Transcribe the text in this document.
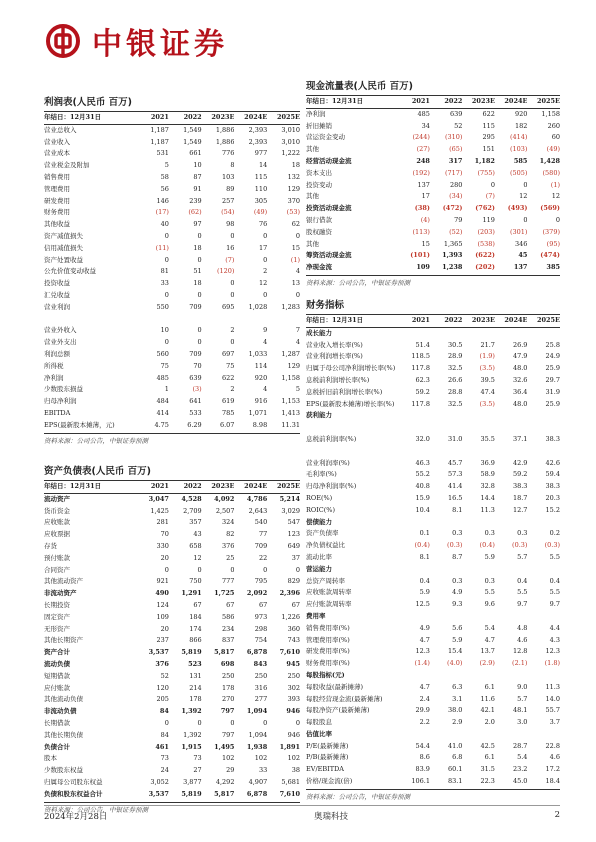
中银证券
利润表(人民币 百万)
年结日：12月31日	2021	2022	2023E	2024E	2025E
营业总收入	1,187	1,549	1,886	2,393	3,010
营业收入	1,187	1,549	1,886	2,393	3,010
营业成本	531	661	776	977	1,222
营业税金及附加	5	10	8	14	18
销售费用	58	87	103	115	132
管理费用	56	91	89	110	129
研发费用	146	239	257	305	370
财务费用	(17)	(62)	(54)	(49)	(53)
其他收益	40	97	98	76	62
资产减值损失	0	0	0	0	0
信用减值损失	(11)	18	16	17	15
资产处置收益	0	0	(7)	0	(1)
公允价值变动收益	81	51	(120)	2	4
投资收益	33	18	0	12	13
汇兑收益	0	0	0	0	0
营业利润	550	709	695	1,028	1,283
营业外收入	10	0	2	9	7
营业外支出	0	0	0	4	4
利润总额	560	709	697	1,033	1,287
所得税	75	70	75	114	129
净利润	485	639	622	920	1,158
少数股东损益	1	(3)	2	4	5
归母净利润	484	641	619	916	1,153
EBITDA	414	533	785	1,071	1,413
EPS(最新股本摊薄，元)	4.75	6.29	6.07	8.98	11.31
资料来源：公司公告，中银证券预测
资产负债表(人民币 百万)
年结日：12月31日	2021	2022	2023E	2024E	2025E
流动资产	3,047	4,528	4,092	4,786	5,214
货币资金	1,425	2,709	2,507	2,643	3,029
应收账款	281	357	324	540	547
应收票据	70	43	82	77	123
存货	330	658	376	709	649
预付账款	20	12	25	22	37
合同资产	0	0	0	0	0
其他流动资产	921	750	777	795	829
非流动资产	490	1,291	1,725	2,092	2,396
长期投资	124	67	67	67	67
固定资产	109	184	586	973	1,226
无形资产	20	174	234	298	360
其他长期资产	237	866	837	754	743
资产合计	3,537	5,819	5,817	6,878	7,610
流动负债	376	523	698	843	945
短期借款	52	131	250	250	250
应付账款	120	214	178	316	302
其他流动负债	205	178	270	277	393
非流动负债	84	1,392	797	1,094	946
长期借款	0	0	0	0	0
其他长期负债	84	1,392	797	1,094	946
负债合计	461	1,915	1,495	1,938	1,891
股本	73	73	102	102	102
少数股东权益	24	27	29	33	38
归属母公司股东权益	3,052	3,877	4,292	4,907	5,681
负债和股东权益合计	3,537	5,819	5,817	6,878	7,610
资料来源：公司公告，中银证券预测
现金流量表(人民币 百万)
年结日：12月31日	2021	2022	2023E	2024E	2025E
净利润	485	639	622	920	1,158
折旧摊销	34	52	115	182	260
营运资金变动	(244)	(310)	295	(414)	60
其他	(27)	(65)	151	(103)	(49)
经营活动现金流	248	317	1,182	585	1,428
资本支出	(192)	(717)	(755)	(505)	(580)
投资变动	137	280	0	0	(1)
其他	17	(34)	(7)	12	12
投资活动现金流	(38)	(472)	(762)	(493)	(569)
银行借款	(4)	79	119	0	0
股权融资	(113)	(52)	(203)	(301)	(379)
其他	15	1,365	(538)	346	(95)
筹资活动现金流	(101)	1,393	(622)	45	(474)
净现金流	109	1,238	(202)	137	385
资料来源：公司公告，中银证券预测
财务指标
年结日：12月31日	2021	2022	2023E	2024E	2025E
成长能力					
营业收入增长率(%)	51.4	30.5	21.7	26.9	25.8
营业利润增长率(%)	118.5	28.9	(1.9)	47.9	24.9
归属于母公司净利润增长率(%)	117.8	32.5	(3.5)	48.0	25.9
息税前利润增长率(%)	62.3	26.6	39.5	32.6	29.7
息税折旧前利润增长率(%)	59.2	28.8	47.4	36.4	31.9
EPS(最新股本摊薄)增长率(%)	117.8	32.5	(3.5)	48.0	25.9
获利能力					
息税前利润率(%)	32.0	31.0	35.5	37.1	38.3
营业利润率(%)	46.3	45.7	36.9	42.9	42.6
毛利率(%)	55.2	57.3	58.9	59.2	59.4
归母净利润率(%)	40.8	41.4	32.8	38.3	38.3
ROE(%)	15.9	16.5	14.4	18.7	20.3
ROIC(%)	10.4	8.1	11.3	12.7	15.2
偿债能力					
资产负债率	0.1	0.3	0.3	0.3	0.2
净负债权益比	(0.4)	(0.3)	(0.4)	(0.3)	(0.3)
流动比率	8.1	8.7	5.9	5.7	5.5
营运能力					
总资产周转率	0.4	0.3	0.3	0.4	0.4
应收账款周转率	5.9	4.9	5.5	5.5	5.5
应付账款周转率	12.5	9.3	9.6	9.7	9.7
费用率					
销售费用率(%)	4.9	5.6	5.4	4.8	4.4
管理费用率(%)	4.7	5.9	4.7	4.6	4.3
研发费用率(%)	12.3	15.4	13.7	12.8	12.3
财务费用率(%)	(1.4)	(4.0)	(2.9)	(2.1)	(1.8)
每股指标(元)					
每股收益(最新摊薄)	4.7	6.3	6.1	9.0	11.3
每股经营现金流(最新摊薄)	2.4	3.1	11.6	5.7	14.0
每股净资产(最新摊薄)	29.9	38.0	42.1	48.1	55.7
每股股息	2.2	2.9	2.0	3.0	3.7
估值比率					
P/E(最新摊薄)	54.4	41.0	42.5	28.7	22.8
P/B(最新摊薄)	8.6	6.8	6.1	5.4	4.6
EV/EBITDA	83.9	60.1	31.5	23.2	17.2
价格/现金流(倍)	106.1	83.1	22.3	45.0	18.4
资料来源：公司公告，中银证券预测
2024年2月28日	奥瑞科技	2
